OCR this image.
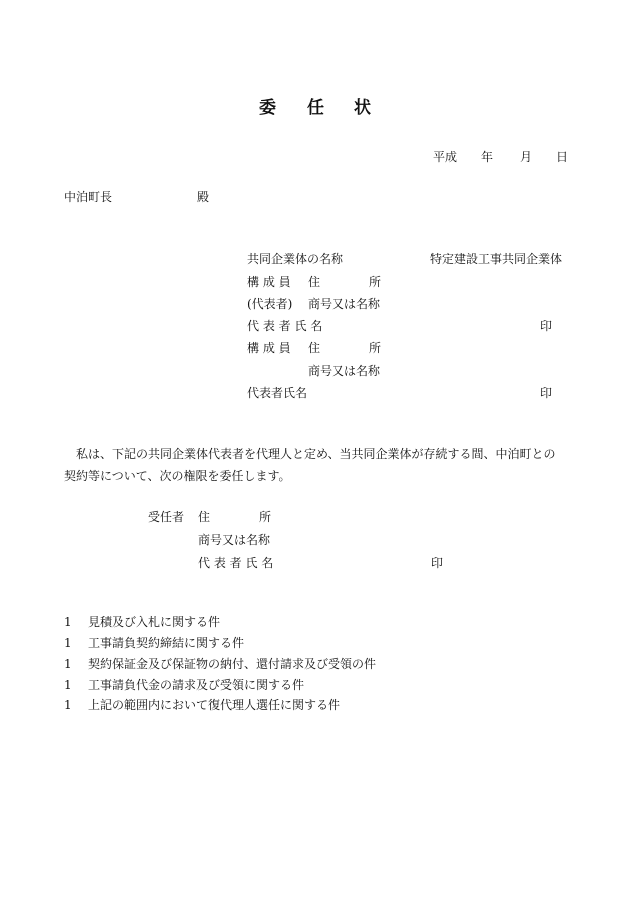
委 任 状
平成 年 月 日
中泊町長	殿
共同企業体の名称	特定建設工事共同企業体
構 成 員 住	所
(代表者) 商号又は名称
代 表 者 氏 名	印
構 成 員 住	所
商号又は名称
代表者氏名	印
　私は、下記の共同企業体代表者を代理人と定め、当共同企業体が存続する間、中泊町との
契約等について、次の権限を委任します。
受任者 住	所
商号又は名称
代 表 者 氏 名	印
1 見積及び入札に関する件
1 工事請負契約締結に関する件
1 契約保証金及び保証物の納付、還付請求及び受領の件
1 工事請負代金の請求及び受領に関する件
1 上記の範囲内において復代理人選任に関する件
